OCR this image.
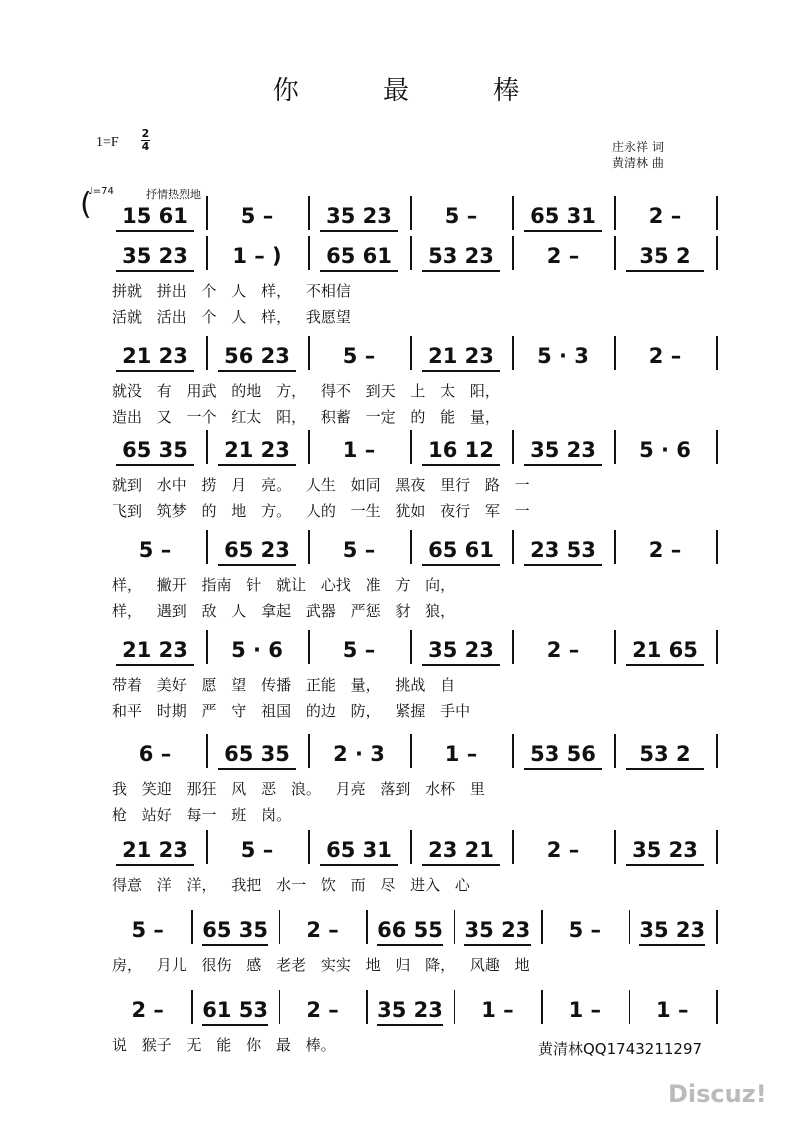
你 最 棒
1=F
2
4	庄永祥 词
黄清林 曲
♩=74	抒情热烈地
(	15 61	5 –	35 23	5 –	65 31	2 –
35 23	1 – )	65 61	53 23	2 –	35 2
拼就 拼出 个 人 样， 不相信
活就 活出 个 人 样， 我愿望
21 23	56 23	5 –	21 23	5 · 3	2 –
就没 有 用武 的地 方， 得不 到天 上 太 阳，
造出 又 一个 红太 阳， 积蓄 一定 的 能 量，
65 35	21 23	1 –	16 12	35 23	5 · 6
就到 水中 捞 月 亮。 人生 如同 黑夜 里行 路 一
飞到 筑梦 的 地 方。 人的 一生 犹如 夜行 军 一
5 –	65 23	5 –	65 61	23 53	2 –
样， 撇开 指南 针 就让 心找 准 方 向，
样， 遇到 敌 人 拿起 武器 严惩 豺 狼，
21 23	5 · 6	5 –	35 23	2 –	21 65
带着 美好 愿 望 传播 正能 量， 挑战 自
和平 时期 严 守 祖国 的边 防， 紧握 手中
6 –	65 35	2 · 3	1 –	53 56	53 2
我 笑迎 那狂 风 恶 浪。 月亮 落到 水杯 里
枪 站好 每一 班 岗。
21 23	5 –	65 31	23 21	2 –	35 23
得意 洋 洋， 我把 水一 饮 而 尽 进入 心
5 –	65 35	2 –	66 55	35 23	5 –	35 23
房， 月儿 很伤 感 老老 实实 地 归 降， 风趣 地
2 –	61 53	2 –	35 23	1 –	1 –	1 –
说 猴子 无 能 你 最 棒。	黄清林QQ1743211297
Discuz!
